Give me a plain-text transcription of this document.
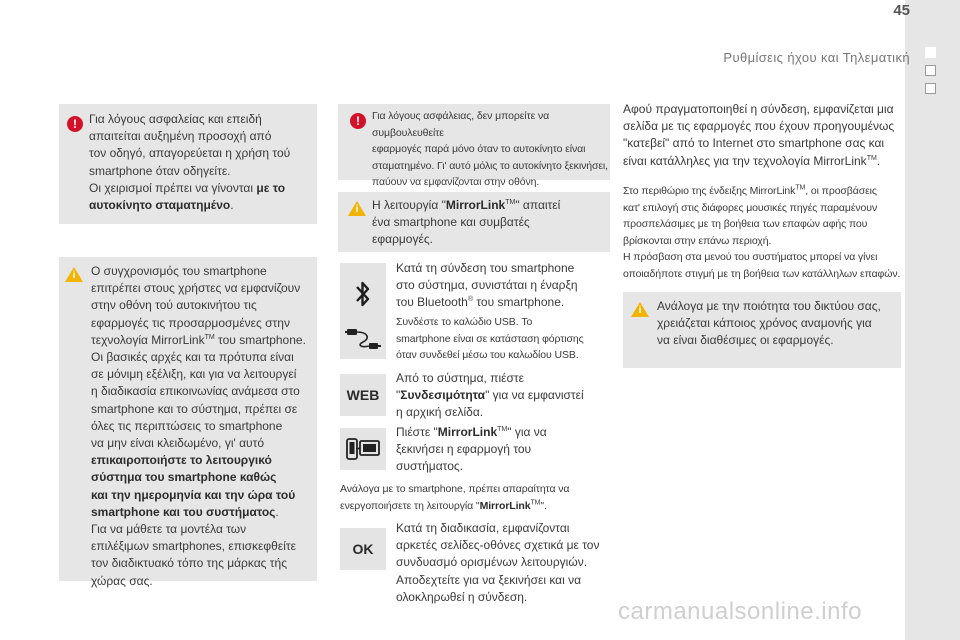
45
Ρυθμίσεις ήχου και Τηλεματική
!	Για λόγους ασφαλείας και επειδή
απαιτείται αυξημένη προσοχή από
τον οδηγό, απαγορεύεται η χρήση τού
smartphone όταν οδηγείτε.
Οι χειρισμοί πρέπει να γίνονται με το
αυτοκίνητο σταματημένο.
i	Ο συγχρονισμός του smartphone
επιτρέπει στους χρήστες να εμφανίζουν
στην οθόνη τού αυτοκινήτου τις
εφαρμογές τις προσαρμοσμένες στην
τεχνολογία MirrorLink™ του smartphone.
Οι βασικές αρχές και τα πρότυπα είναι
σε μόνιμη εξέλιξη, και για να λειτουργεί
η διαδικασία επικοινωνίας ανάμεσα στο
smartphone και το σύστημα, πρέπει σε
όλες τις περιπτώσεις το smartphone
να μην είναι κλειδωμένο, γι' αυτό
επικαιροποιήστε το λειτουργικό
σύστημα του smartphone καθώς
και την ημερομηνία και την ώρα τού
smartphone και του συστήματος.
Για να μάθετε τα μοντέλα των
επιλέξιμων smartphones, επισκεφθείτε
τον διαδικτυακό τόπο της μάρκας τής
χώρας σας.
!	Για λόγους ασφάλειας, δεν μπορείτε να συμβουλευθείτε
εφαρμογές παρά μόνο όταν το αυτοκίνητο είναι
σταματημένο. Γι' αυτό μόλις το αυτοκίνητο ξεκινήσει,
παύουν να εμφανίζονται στην οθόνη.
i	Η λειτουργία "MirrorLink™" απαιτεί
ένα smartphone και συμβατές
εφαρμογές.
Κατά τη σύνδεση του smartphone
στο σύστημα, συνιστάται η έναρξη
του Bluetooth® του smartphone.
Συνδέστε το καλώδιο USB. Το
smartphone είναι σε κατάσταση φόρτισης
όταν συνδεθεί μέσω του καλωδίου USB.
WEB
Από το σύστημα, πιέστε
"Συνδεσιμότητα" για να εμφανιστεί
η αρχική σελίδα.
Πιέστε "MirrorLink™" για να
ξεκινήσει η εφαρμογή του
συστήματος.
Ανάλογα με το smartphone, πρέπει απαραίτητα να
ενεργοποιήσετε τη λειτουργία "MirrorLink™".
OK
Κατά τη διαδικασία, εμφανίζονται
αρκετές σελίδες-οθόνες σχετικά με τον
συνδυασμό ορισμένων λειτουργιών.
Αποδεχτείτε για να ξεκινήσει και να
ολοκληρωθεί η σύνδεση.
Αφού πραγματοποιηθεί η σύνδεση, εμφανίζεται μια
σελίδα με τις εφαρμογές που έχουν προηγουμένως
"κατεβεί" από το Internet στο smartphone σας και
είναι κατάλληλες για την τεχνολογία MirrorLink™.
Στο περιθώριο της ένδειξης MirrorLink™, οι προσβάσεις
κατ' επιλογή στις διάφορες μουσικές πηγές παραμένουν
προσπελάσιμες με τη βοήθεια των επαφών αφής που
βρίσκονται στην επάνω περιοχή.
Η πρόσβαση στα μενού του συστήματος μπορεί να γίνει
οποιαδήποτε στιγμή με τη βοήθεια των κατάλληλων επαφών.
i	Ανάλογα με την ποιότητα του δικτύου σας,
χρειάζεται κάποιος χρόνος αναμονής για
να είναι διαθέσιμες οι εφαρμογές.
carmanualsonline.info
